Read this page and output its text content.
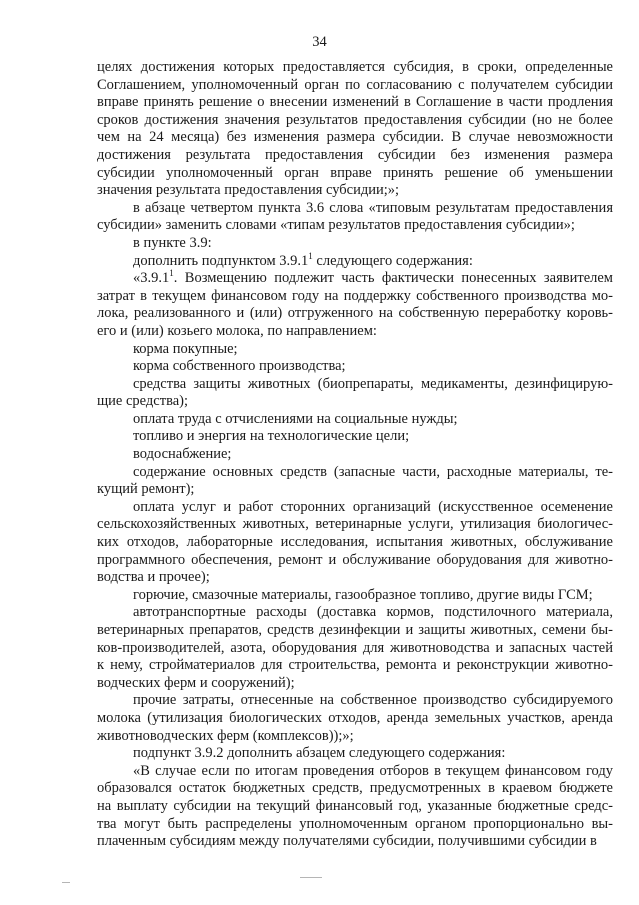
34

целях достижения которых предоставляется субсидия, в сроки, определенные
Соглашением, уполномоченный орган по согласованию с получателем субсидии
вправе принять решение о внесении изменений в Соглашение в части продления
сроков достижения значения результатов предоставления субсидии (но не более
чем на 24 месяца) без изменения размера субсидии. В случае невозможности
достижения результата предоставления субсидии без изменения размера
субсидии уполномоченный орган вправе принять решение об уменьшении
значения результата предоставления субсидии;»;

в абзаце четвертом пункта 3.6 слова «типовым результатам предоставления
субсидии» заменить словами «типам результатов предоставления субсидии»;

в пункте 3.9:

дополнить подпунктом 3.9.1$^1$ следующего содержания:

«3.9.1$^1$. Возмещению подлежит часть фактически понесенных заявителем
затрат в текущем финансовом году на поддержку собственного производства мо-
лока, реализованного и (или) отгруженного на собственную переработку коровь-
его и (или) козьего молока, по направлением:

корма покупные;

корма собственного производства;

средства защиты животных (биопрепараты, медикаменты, дезинфицирую-
щие средства);

оплата труда с отчислениями на социальные нужды;

топливо и энергия на технологические цели;

водоснабжение;

содержание основных средств (запасные части, расходные материалы, те-
кущий ремонт);

оплата услуг и работ сторонних организаций (искусственное осеменение
сельскохозяйственных животных, ветеринарные услуги, утилизация биологичес-
ких отходов, лабораторные исследования, испытания животных, обслуживание
программного обеспечения, ремонт и обслуживание оборудования для животно-
водства и прочее);

горючие, смазочные материалы, газообразное топливо, другие виды ГСМ;

автотранспортные расходы (доставка кормов, подстилочного материала,
ветеринарных препаратов, средств дезинфекции и защиты животных, семени бы-
ков-производителей, азота, оборудования для животноводства и запасных частей
к нему, стройматериалов для строительства, ремонта и реконструкции животно-
водческих ферм и сооружений);

прочие затраты, отнесенные на собственное производство субсидируемого
молока (утилизация биологических отходов, аренда земельных участков, аренда
животноводческих ферм (комплексов));»;

подпункт 3.9.2 дополнить абзацем следующего содержания:

«В случае если по итогам проведения отборов в текущем финансовом году
образовался остаток бюджетных средств, предусмотренных в краевом бюджете
на выплату субсидии на текущий финансовый год, указанные бюджетные средс-
тва могут быть распределены уполномоченным органом пропорционально вы-
плаченным субсидиям между получателями субсидии, получившими субсидии в
